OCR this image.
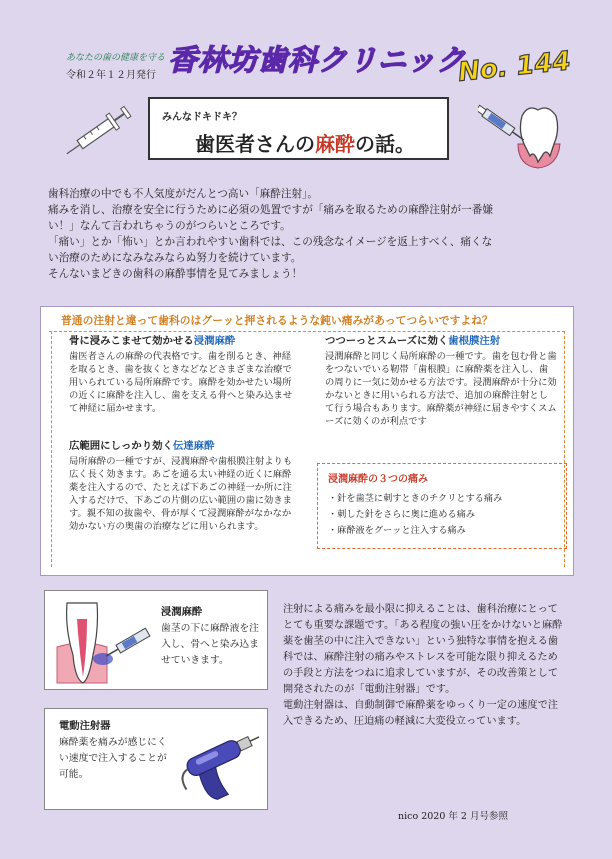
あなたの歯の健康を守る
令和２年１２月発行 香林坊歯科クリニック
No. 144
みんなドキドキ？
歯医者さんの麻酔の話。
歯科治療の中でも不人気度がだんとつ高い「麻酔注射」。
痛みを消し、治療を安全に行うために必須の処置ですが「痛みを取るための麻酔注射が一番嫌
い！」なんて言われちゃうのがつらいところです。
「痛い」とか「怖い」とか言われやすい歯科では、この残念なイメージを返上すべく、痛くな
い治療のためになみなみならぬ努力を続けています。
そんないまどきの歯科の麻酔事情を見てみましょう！
普通の注射と違って歯科のはグーッと押されるような鈍い痛みがあってつらいですよね？
骨に浸みこませて効かせる浸潤麻酔
歯医者さんの麻酔の代表格です。歯を削るとき、神経を取るとき、歯を抜くときなどなどさまざまな治療で用いられている局所麻酔です。麻酔を効かせたい場所の近くに麻酔を注入し、歯を支える骨へと染み込ませて神経に届かせます。
つつーっとスムーズに効く歯根膜注射
浸潤麻酔と同じく局所麻酔の一種です。歯を包む骨と歯をつないでいる靭帯「歯根膜」に麻酔薬を注入し、歯の周りに一気に効かせる方法です。浸潤麻酔が十分に効かないときに用いられる方法で、追加の麻酔注射として行う場合もあります。麻酔薬が神経に届きやすくスムーズに効くのが利点です
広範囲にしっかり効く伝達麻酔
局所麻酔の一種ですが、浸潤麻酔や歯根膜注射よりも広く長く効きます。あごを通る太い神経の近くに麻酔薬を注入するので、たとえば下あごの神経一か所に注入するだけで、下あごの片側の広い範囲の歯に効きます。親不知の抜歯や、骨が厚くて浸潤麻酔がなかなか効かない方の奥歯の治療などに用いられます。
浸潤麻酔の３つの痛み
・針を歯茎に刺すときのチクリとする痛み
・刺した針をさらに奥に進める痛み
・麻酔液をグーッと注入する痛み
浸潤麻酔
歯茎の下に麻酔液を注入し、骨へと染み込ませていきます。
電動注射器
麻酔薬を痛みが感じにくい速度で注入することが可能。
注射による痛みを最小限に抑えることは、歯科治療にとってとても重要な課題です。「ある程度の強い圧をかけないと麻酔薬を歯茎の中に注入できない」という独特な事情を抱える歯科では、麻酔注射の痛みやストレスを可能な限り抑えるための手段と方法をつねに追求していますが、その改善策として開発されたのが「電動注射器」です。
電動注射器は、自動制御で麻酔薬をゆっくり一定の速度で注入できるため、圧迫痛の軽減に大変役立っています。
nico 2020 年 2 月号参照
